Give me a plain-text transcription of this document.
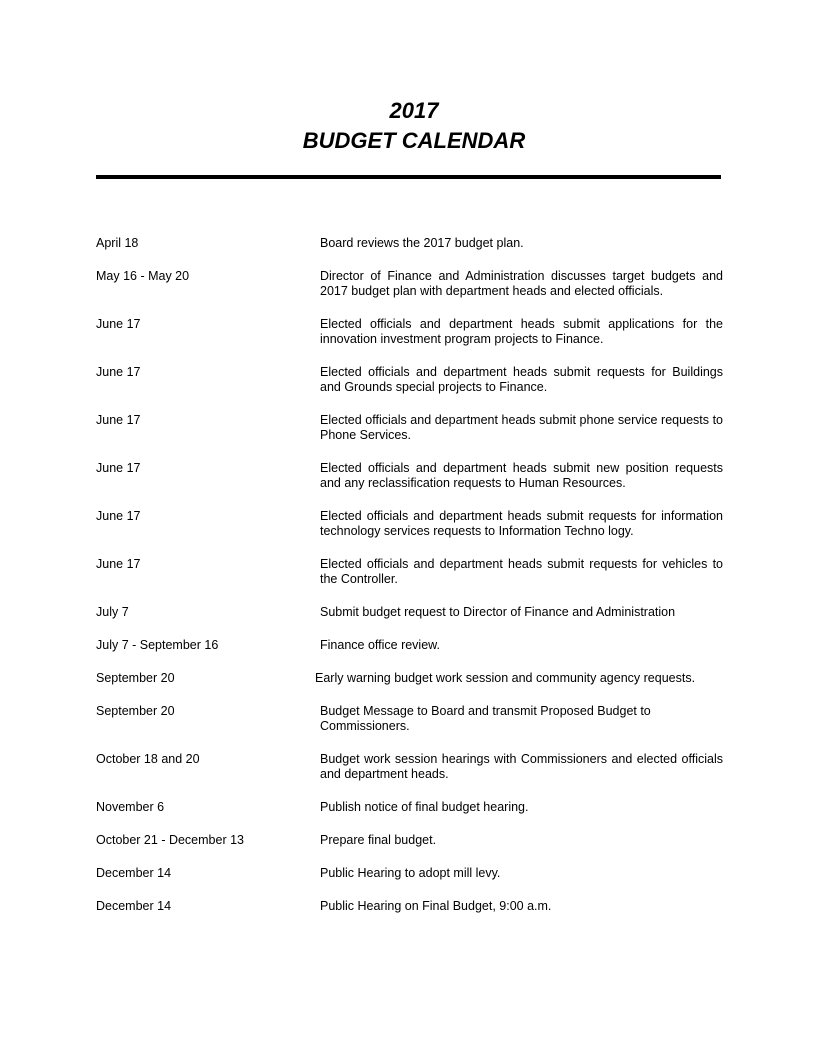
2017

BUDGET CALENDAR

April 18	Board reviews the 2017 budget plan.
May 16 - May 20	Director of Finance and Administration discusses target budgets and 2017 budget plan with department heads and elected officials.
June 17	Elected officials and department heads submit applications for the innovation investment program projects to Finance.
June 17	Elected officials and department heads submit requests for Buildings and Grounds special projects to Finance.
June 17	Elected officials and department heads submit phone service requests to Phone Services.
June 17	Elected officials and department heads submit new position requests and any reclassification requests to Human Resources.
June 17	Elected officials and department heads submit requests for information technology services requests to Information Techno logy.
June 17	Elected officials and department heads submit requests for vehicles to the Controller.
July 7	Submit budget request to Director of Finance and Administration
July 7 - September 16	Finance office review.
September 20	Early warning budget work session and community agency requests.
September 20	Budget Message to Board and transmit Proposed Budget to Commissioners.
October 18 and 20	Budget work session hearings with Commissioners and elected officials and department heads.
November 6	Publish notice of final budget hearing.
October 21 - December 13	Prepare final budget.
December 14	Public Hearing to adopt mill levy.
December 14	Public Hearing on Final Budget, 9:00 a.m.
